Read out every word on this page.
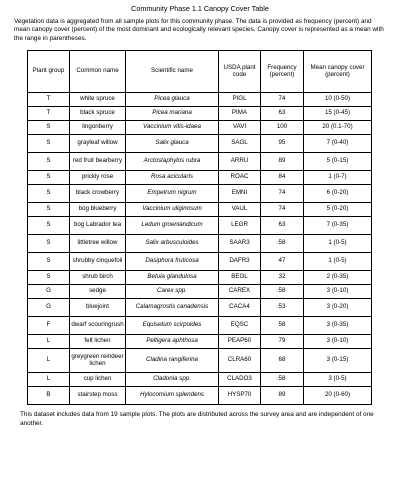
Community Phase 1.1 Canopy Cover Table

Vegetation data is aggregated from all sample plots for this community phase. The data is provided as frequency (percent) and mean canopy cover (percent) of the most dominant and ecologically relevant species. Canopy cover is represented as a mean with the range in parentheses.

Plant group	Common name	Scientific name	USDA plant code	Frequency (percent)	Mean canopy cover (percent)
T	white spruce	Picea glauca	PIGL	74	10 (0-50)
T	black spruce	Picea mariana	PIMA	63	15 (0-45)
S	lingonberry	Vaccinium vitis-idaea	VAVI	100	20 (0.1-70)
S	grayleaf willow	Salix glauca	SAGL	95	7 (0-40)
S	red fruit bearberry	Arctostaphylos rubra	ARRU	89	5 (0-15)
S	prickly rose	Rosa acicularis	ROAC	84	1 (0-7)
S	black crowberry	Empetrum nigrum	EMNI	74	6 (0-20)
S	bog blueberry	Vaccinium uliginosum	VAUL	74	5 (0-20)
S	bog Labrador tea	Ledum groenlandicum	LEGR	63	7 (0-35)
S	littletree willow	Salix arbusculoides	SAAR3	58	1 (0-5)
S	shrubby cinquefoil	Dasiphora fruticosa	DAFR3	47	1 (0-5)
S	shrub birch	Betula glandulosa	BEGL	32	2 (0-35)
G	sedge	Carex spp.	CAREX	58	3 (0-10)
G	bluejoint	Calamagrostis canadensis	CACA4	53	3 (0-20)
F	dwarf scouringrush	Equisetum scirpoides	EQSC	58	3 (0-35)
L	felt lichen	Peltigera aphthosa	PEAP60	79	3 (0-10)
L	greygreen reindeer lichen	Cladina rangiferina	CLRA60	68	3 (0-15)
L	cup lichen	Cladonia spp.	CLADO3	58	3 (0-5)
B	stairstep moss	Hylocomium splendens	HYSP70	89	20 (0-60)

This dataset includes data from 19 sample plots. The plots are distributed across the survey area and are independent of one another.
